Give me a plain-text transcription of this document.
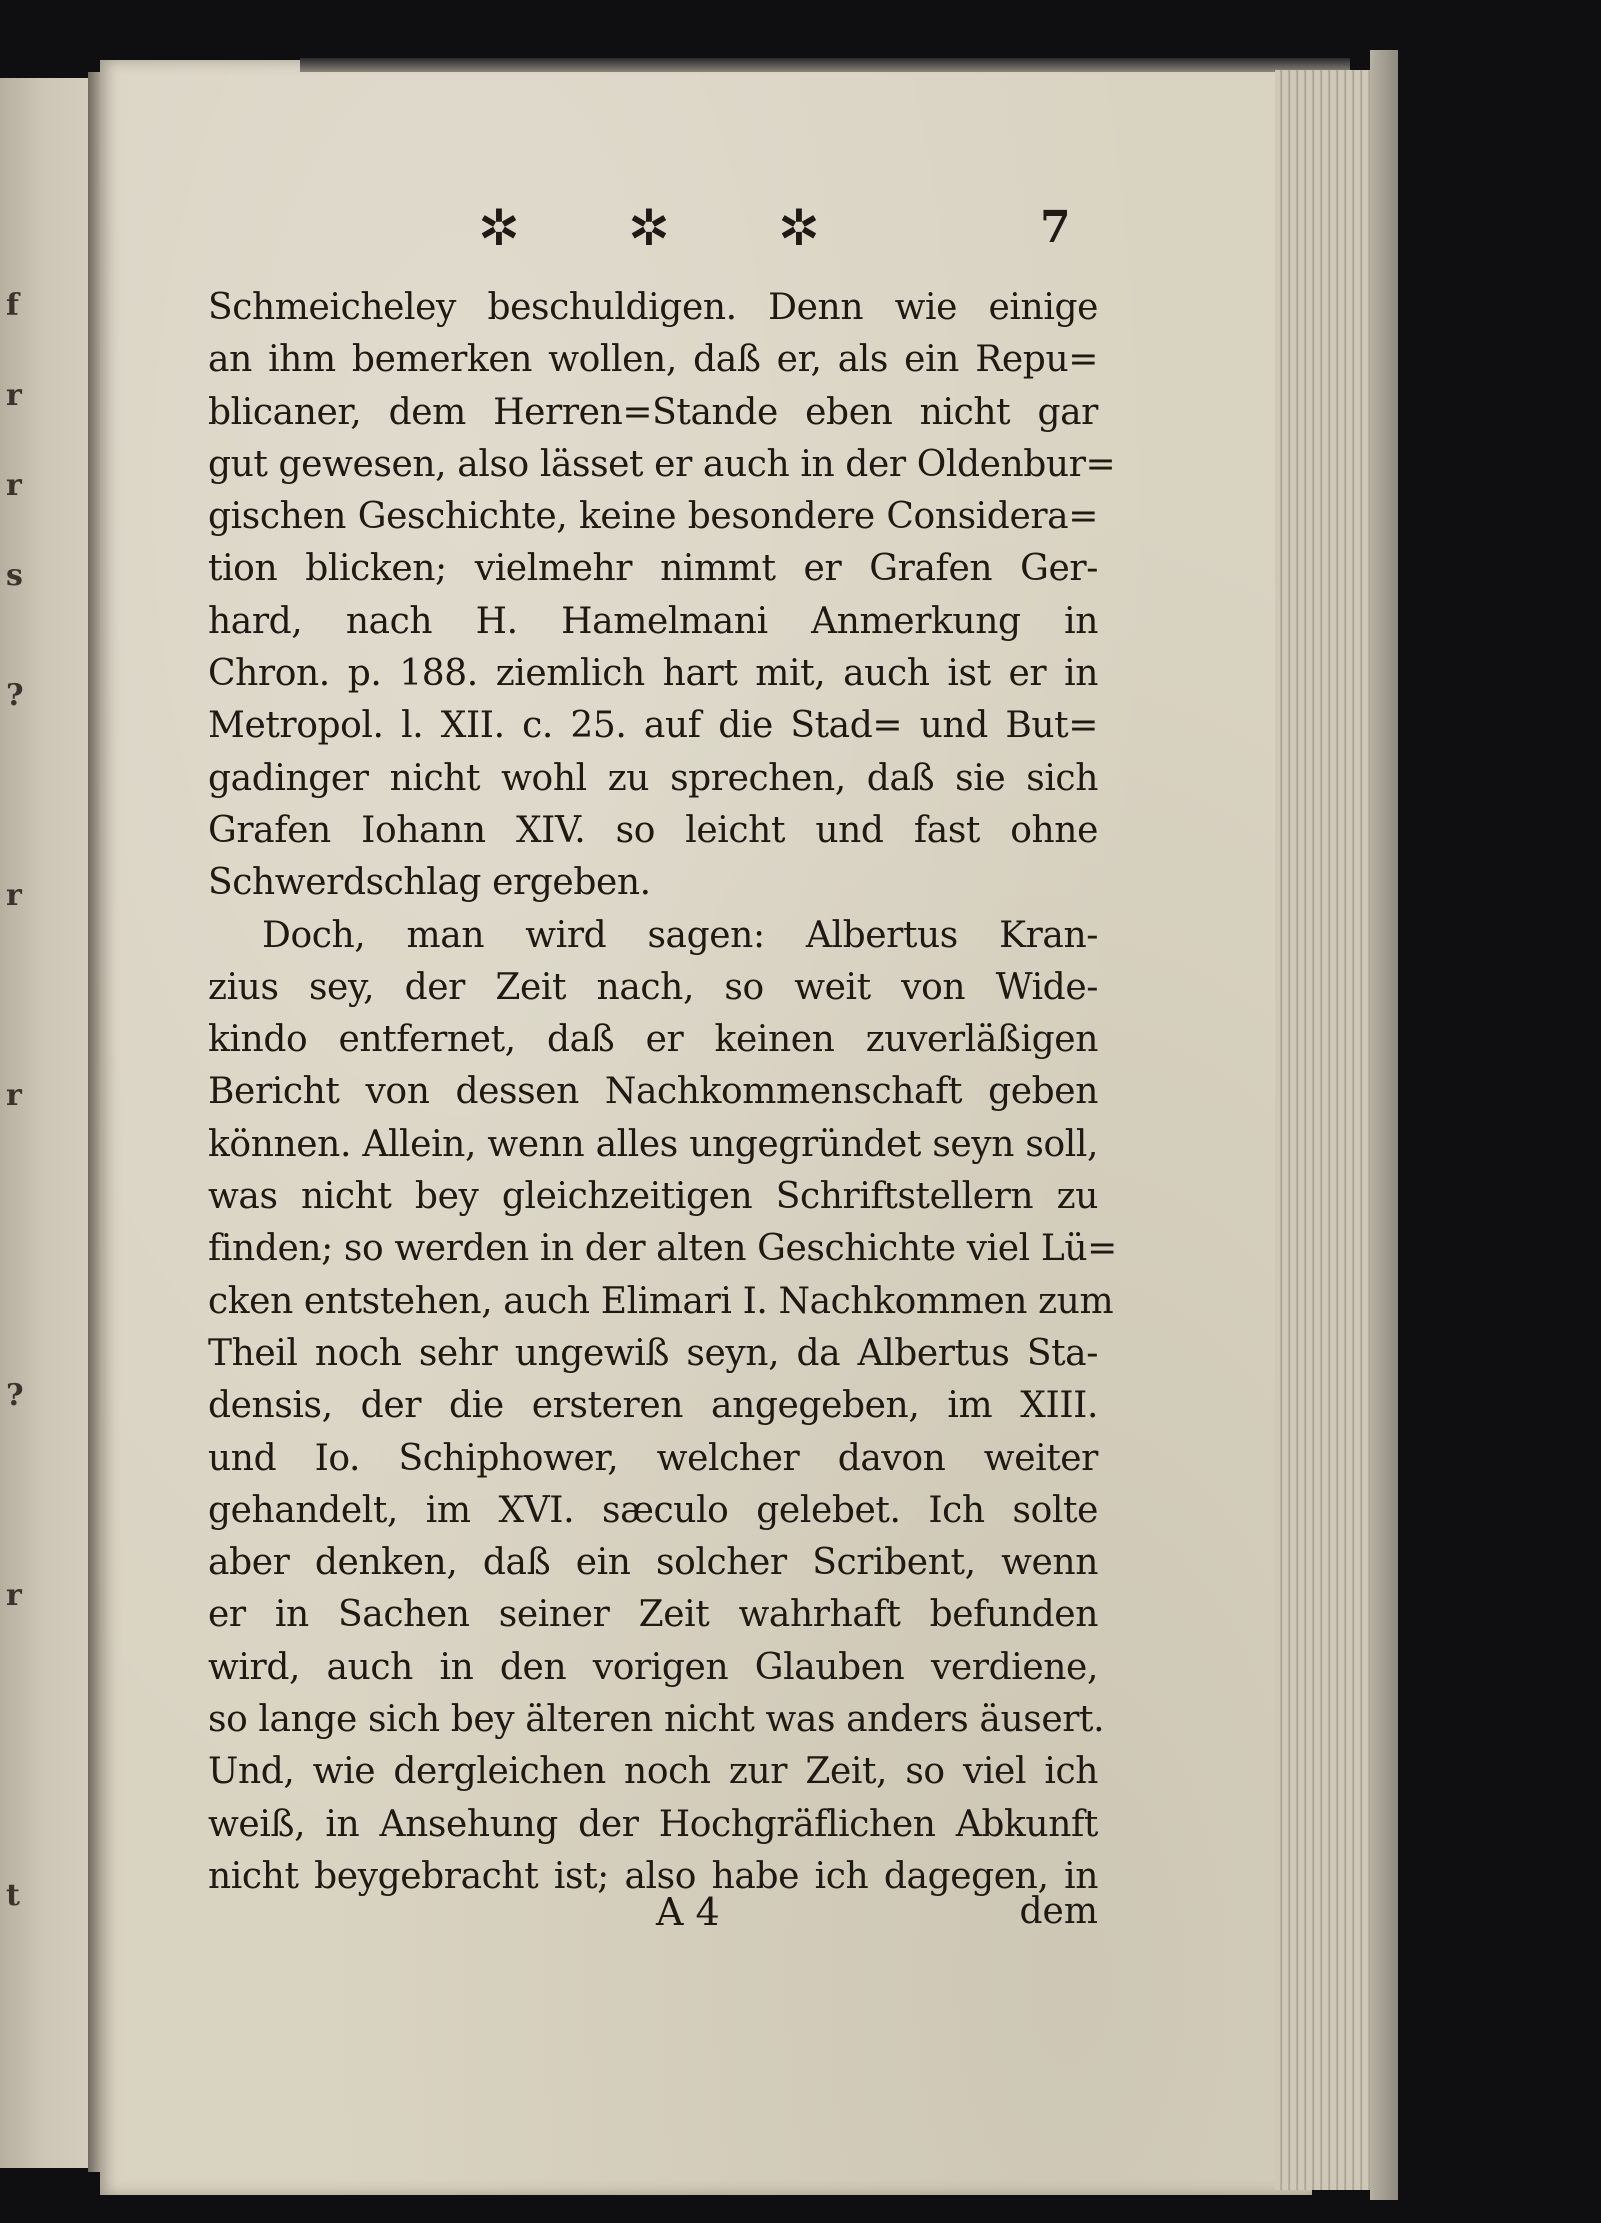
f
r
r
s
?
r
r
?
r
t
✲ ✲ ✲	7
Schmeicheley beschuldigen. Denn wie einige
an ihm bemerken wollen, daß er, als ein Repu=
blicaner, dem Herren=Stande eben nicht gar
gut gewesen, also lässet er auch in der Oldenbur=
gischen Geschichte, keine besondere Considera=
tion blicken; vielmehr nimmt er Grafen Ger-
hard, nach H. Hamelmani Anmerkung in
Chron. p. 188. ziemlich hart mit, auch ist er in
Metropol. l. XII. c. 25. auf die Stad= und But=
gadinger nicht wohl zu sprechen, daß sie sich
Grafen Iohann XIV. so leicht und fast ohne
Schwerdschlag ergeben.
Doch, man wird sagen: Albertus Kran-
zius sey, der Zeit nach, so weit von Wide-
kindo entfernet, daß er keinen zuverläßigen
Bericht von dessen Nachkommenschaft geben
können. Allein, wenn alles ungegründet seyn soll,
was nicht bey gleichzeitigen Schriftstellern zu
finden; so werden in der alten Geschichte viel Lü=
cken entstehen, auch Elimari I. Nachkommen zum
Theil noch sehr ungewiß seyn, da Albertus Sta-
densis, der die ersteren angegeben, im XIII.
und Io. Schiphower, welcher davon weiter
gehandelt, im XVI. sæculo gelebet. Ich solte
aber denken, daß ein solcher Scribent, wenn
er in Sachen seiner Zeit wahrhaft befunden
wird, auch in den vorigen Glauben verdiene,
so lange sich bey älteren nicht was anders äusert.
Und, wie dergleichen noch zur Zeit, so viel ich
weiß, in Ansehung der Hochgräflichen Abkunft
nicht beygebracht ist; also habe ich dagegen, in
A 4	dem
